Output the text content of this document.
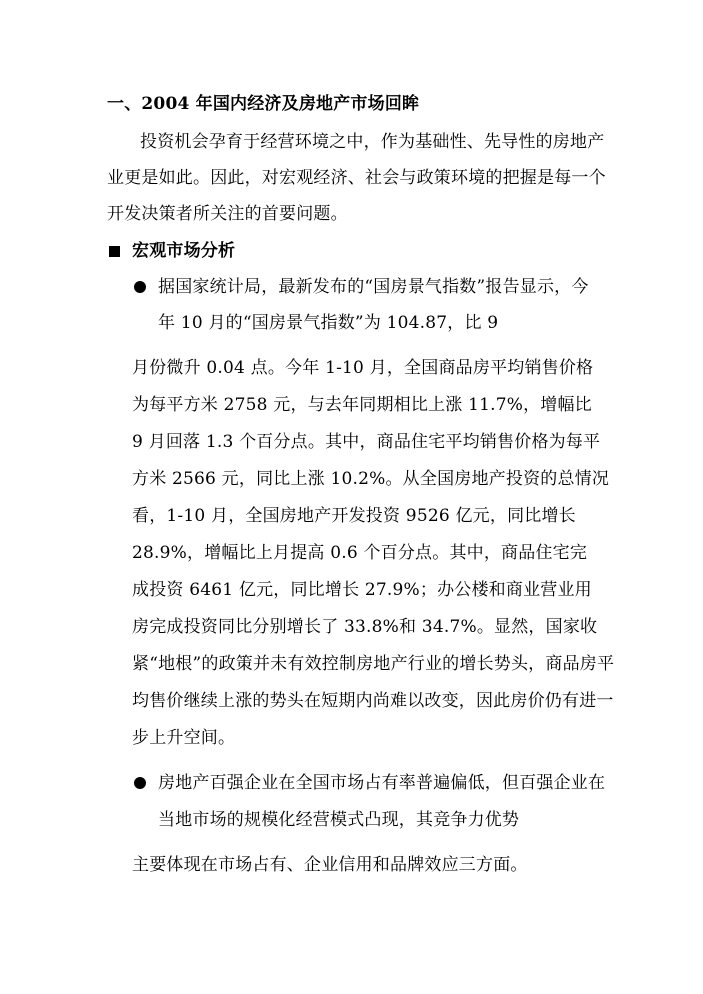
一、2004 年国内经济及房地产市场回眸
投资机会孕育于经营环境之中，作为基础性、先导性的房地产
业更是如此。因此，对宏观经济、社会与政策环境的把握是每一个
开发决策者所关注的首要问题。
宏观市场分析
据国家统计局，最新发布的“国房景气指数”报告显示，今
年 10 月的“国房景气指数”为 104.87，比 9
月份微升 0.04 点。今年 1-10 月，全国商品房平均销售价格
为每平方米 2758 元，与去年同期相比上涨 11.7%，增幅比
9 月回落 1.3 个百分点。其中，商品住宅平均销售价格为每平
方米 2566 元，同比上涨 10.2%。从全国房地产投资的总情况
看，1-10 月，全国房地产开发投资 9526 亿元，同比增长
28.9%，增幅比上月提高 0.6 个百分点。其中，商品住宅完
成投资 6461 亿元，同比增长 27.9%；办公楼和商业营业用
房完成投资同比分别增长了 33.8%和 34.7%。显然，国家收
紧“地根”的政策并未有效控制房地产行业的增长势头，商品房平
均售价继续上涨的势头在短期内尚难以改变，因此房价仍有进一
步上升空间。
房地产百强企业在全国市场占有率普遍偏低，但百强企业在
当地市场的规模化经营模式凸现，其竞争力优势
主要体现在市场占有、企业信用和品牌效应三方面。
